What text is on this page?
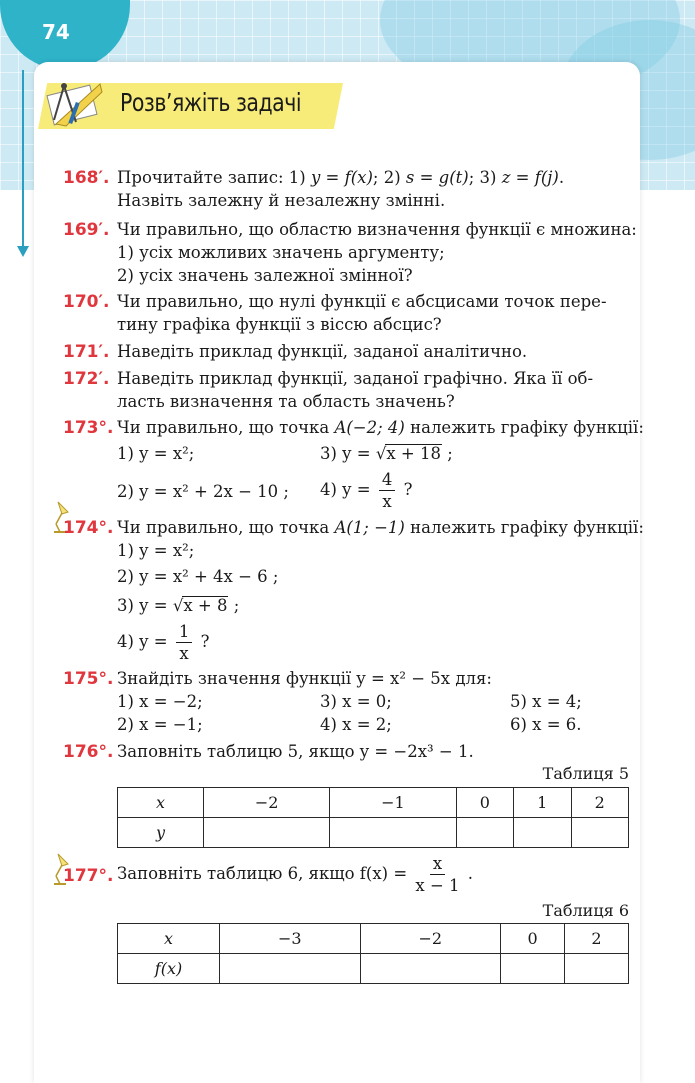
74
Розв’яжіть задачі
168′. Прочитайте запис: 1) y = f(x); 2) s = g(t); 3) z = f(j).
Назвіть залежну й незалежну змінні.
169′. Чи правильно, що областю визначення функції є множина:
1) усіх можливих значень аргументу;
2) усіх значень залежної змінної?
170′. Чи правильно, що нулі функції є абсцисами точок пере-
тину графіка функції з віссю абсцис?
171′. Наведіть приклад функції, заданої аналітично.
172′. Наведіть приклад функції, заданої графічно. Яка її об-
ласть визначення та область значень?
173°. Чи правильно, що точка A(−2; 4) належить графіку функції:
1) y = x²;	3) y = √x + 18 ;
2) y = x² + 2x − 10 ; 4) $y = \frac{4}{x}$ ?
174°. Чи правильно, що точка A(1; −1) належить графіку функції:
1) y = x²;
2) y = x² + 4x − 6 ;
3) y = √x + 8 ;
4) $y = \frac{1}{x}$ ?
175°. Знайдіть значення функції y = x² − 5x для:
1) x = −2;	3) x = 0;	5) x = 4;
2) x = −1;	4) x = 2;	6) x = 6.
176°. Заповніть таблицю 5, якщо y = −2x³ − 1.
Таблиця 5
x	−2	−1	0	1	2
y					
177°. Заповніть таблицю 6, якщо $f(x) = \frac{x}{x - 1}$ .
Таблиця 6
x	−3	−2	0	2
f(x)				
